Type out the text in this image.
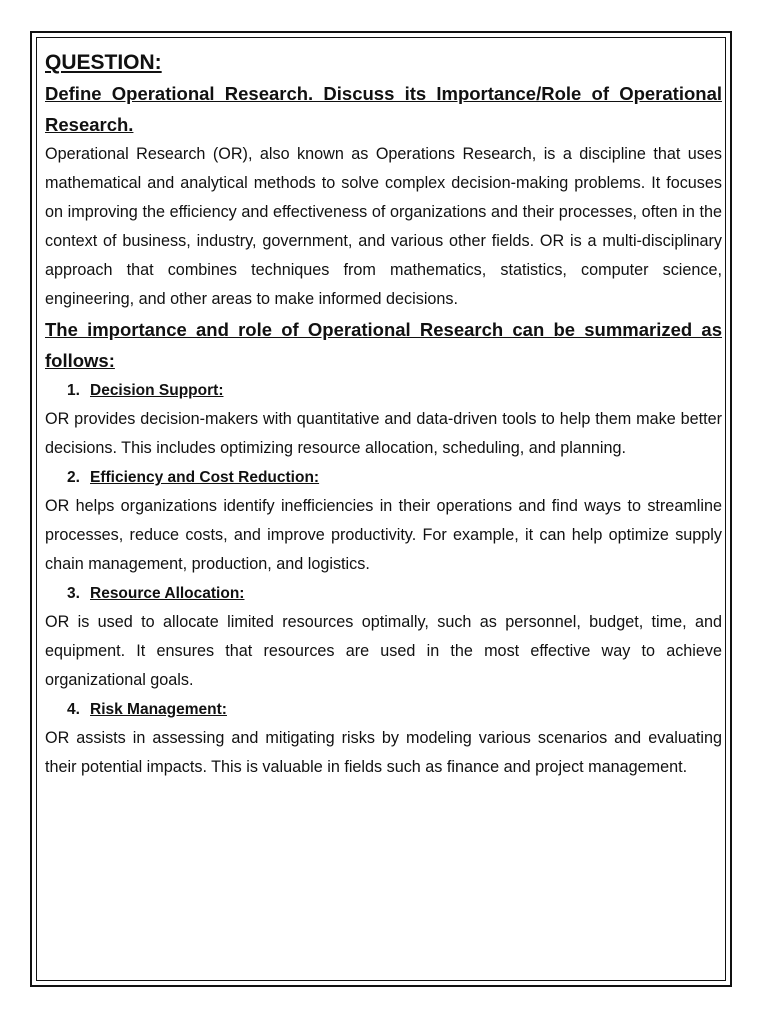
QUESTION:

Define Operational Research. Discuss its Importance/Role of Operational Research.

Operational Research (OR), also known as Operations Research, is a discipline that uses mathematical and analytical methods to solve complex decision-making problems. It focuses on improving the efficiency and effectiveness of organizations and their processes, often in the context of business, industry, government, and various other fields. OR is a multi-disciplinary approach that combines techniques from mathematics, statistics, computer science, engineering, and other areas to make informed decisions.

The importance and role of Operational Research can be summarized as follows:

1. Decision Support:

OR provides decision-makers with quantitative and data-driven tools to help them make better decisions. This includes optimizing resource allocation, scheduling, and planning.

2. Efficiency and Cost Reduction:

OR helps organizations identify inefficiencies in their operations and find ways to streamline processes, reduce costs, and improve productivity. For example, it can help optimize supply chain management, production, and logistics.

3. Resource Allocation:

OR is used to allocate limited resources optimally, such as personnel, budget, time, and equipment. It ensures that resources are used in the most effective way to achieve organizational goals.

4. Risk Management:

OR assists in assessing and mitigating risks by modeling various scenarios and evaluating their potential impacts. This is valuable in fields such as finance and project management.
